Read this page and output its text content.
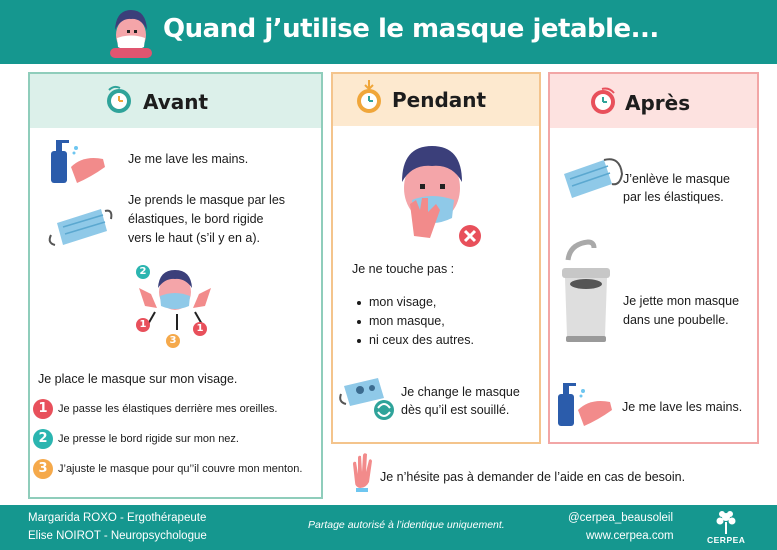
Quand j’utilise le masque jetable...
Avant
Je me lave les mains.
Je prends le masque par les
élastiques, le bord rigide
vers le haut (s’il y en a).
2
1	1
3
Je place le masque sur mon visage.
1 Je passe les élastiques derrière mes oreilles.
2 Je presse le bord rigide sur mon nez.
3 J’ajuste le masque pour qu’’il couvre mon menton.
Pendant
Je ne touche pas :
mon visage,
mon masque,
ni ceux des autres.
Je change le masque
dès qu’il est souillé.
Après
J’enlève le masque
par les élastiques.
Je jette mon masque
dans une poubelle.
Je me lave les mains.
Je n’hésite pas à demander de l’aide en cas de besoin.
Margarida ROXO - Ergothérapeute
Elise NOIROT - Neuropsychologue
Partage autorisé à l’identique uniquement.
@cerpea_beausoleil
www.cerpea.com	CERPEA
